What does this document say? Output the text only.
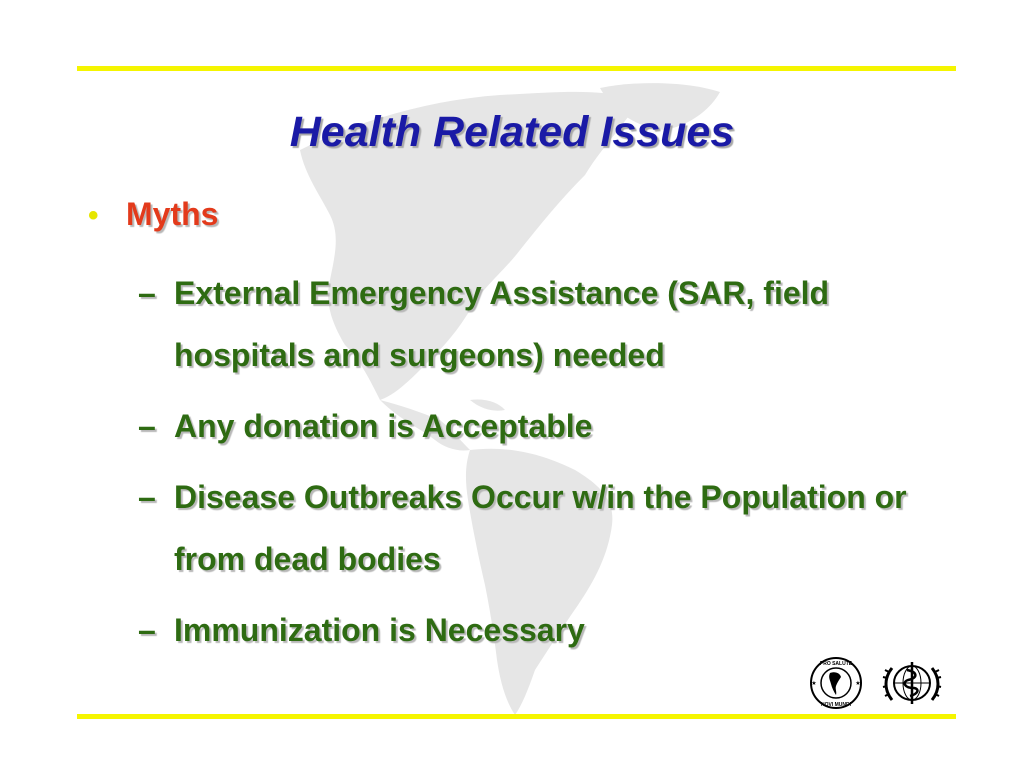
Health Related Issues
• Myths
– External Emergency Assistance (SAR, field hospitals and surgeons) needed
– Any donation is Acceptable
– Disease Outbreaks Occur w/in the Population or from dead bodies
– Immunization is Necessary
PRO SALUTE
NOVI MUNDI
★	★
